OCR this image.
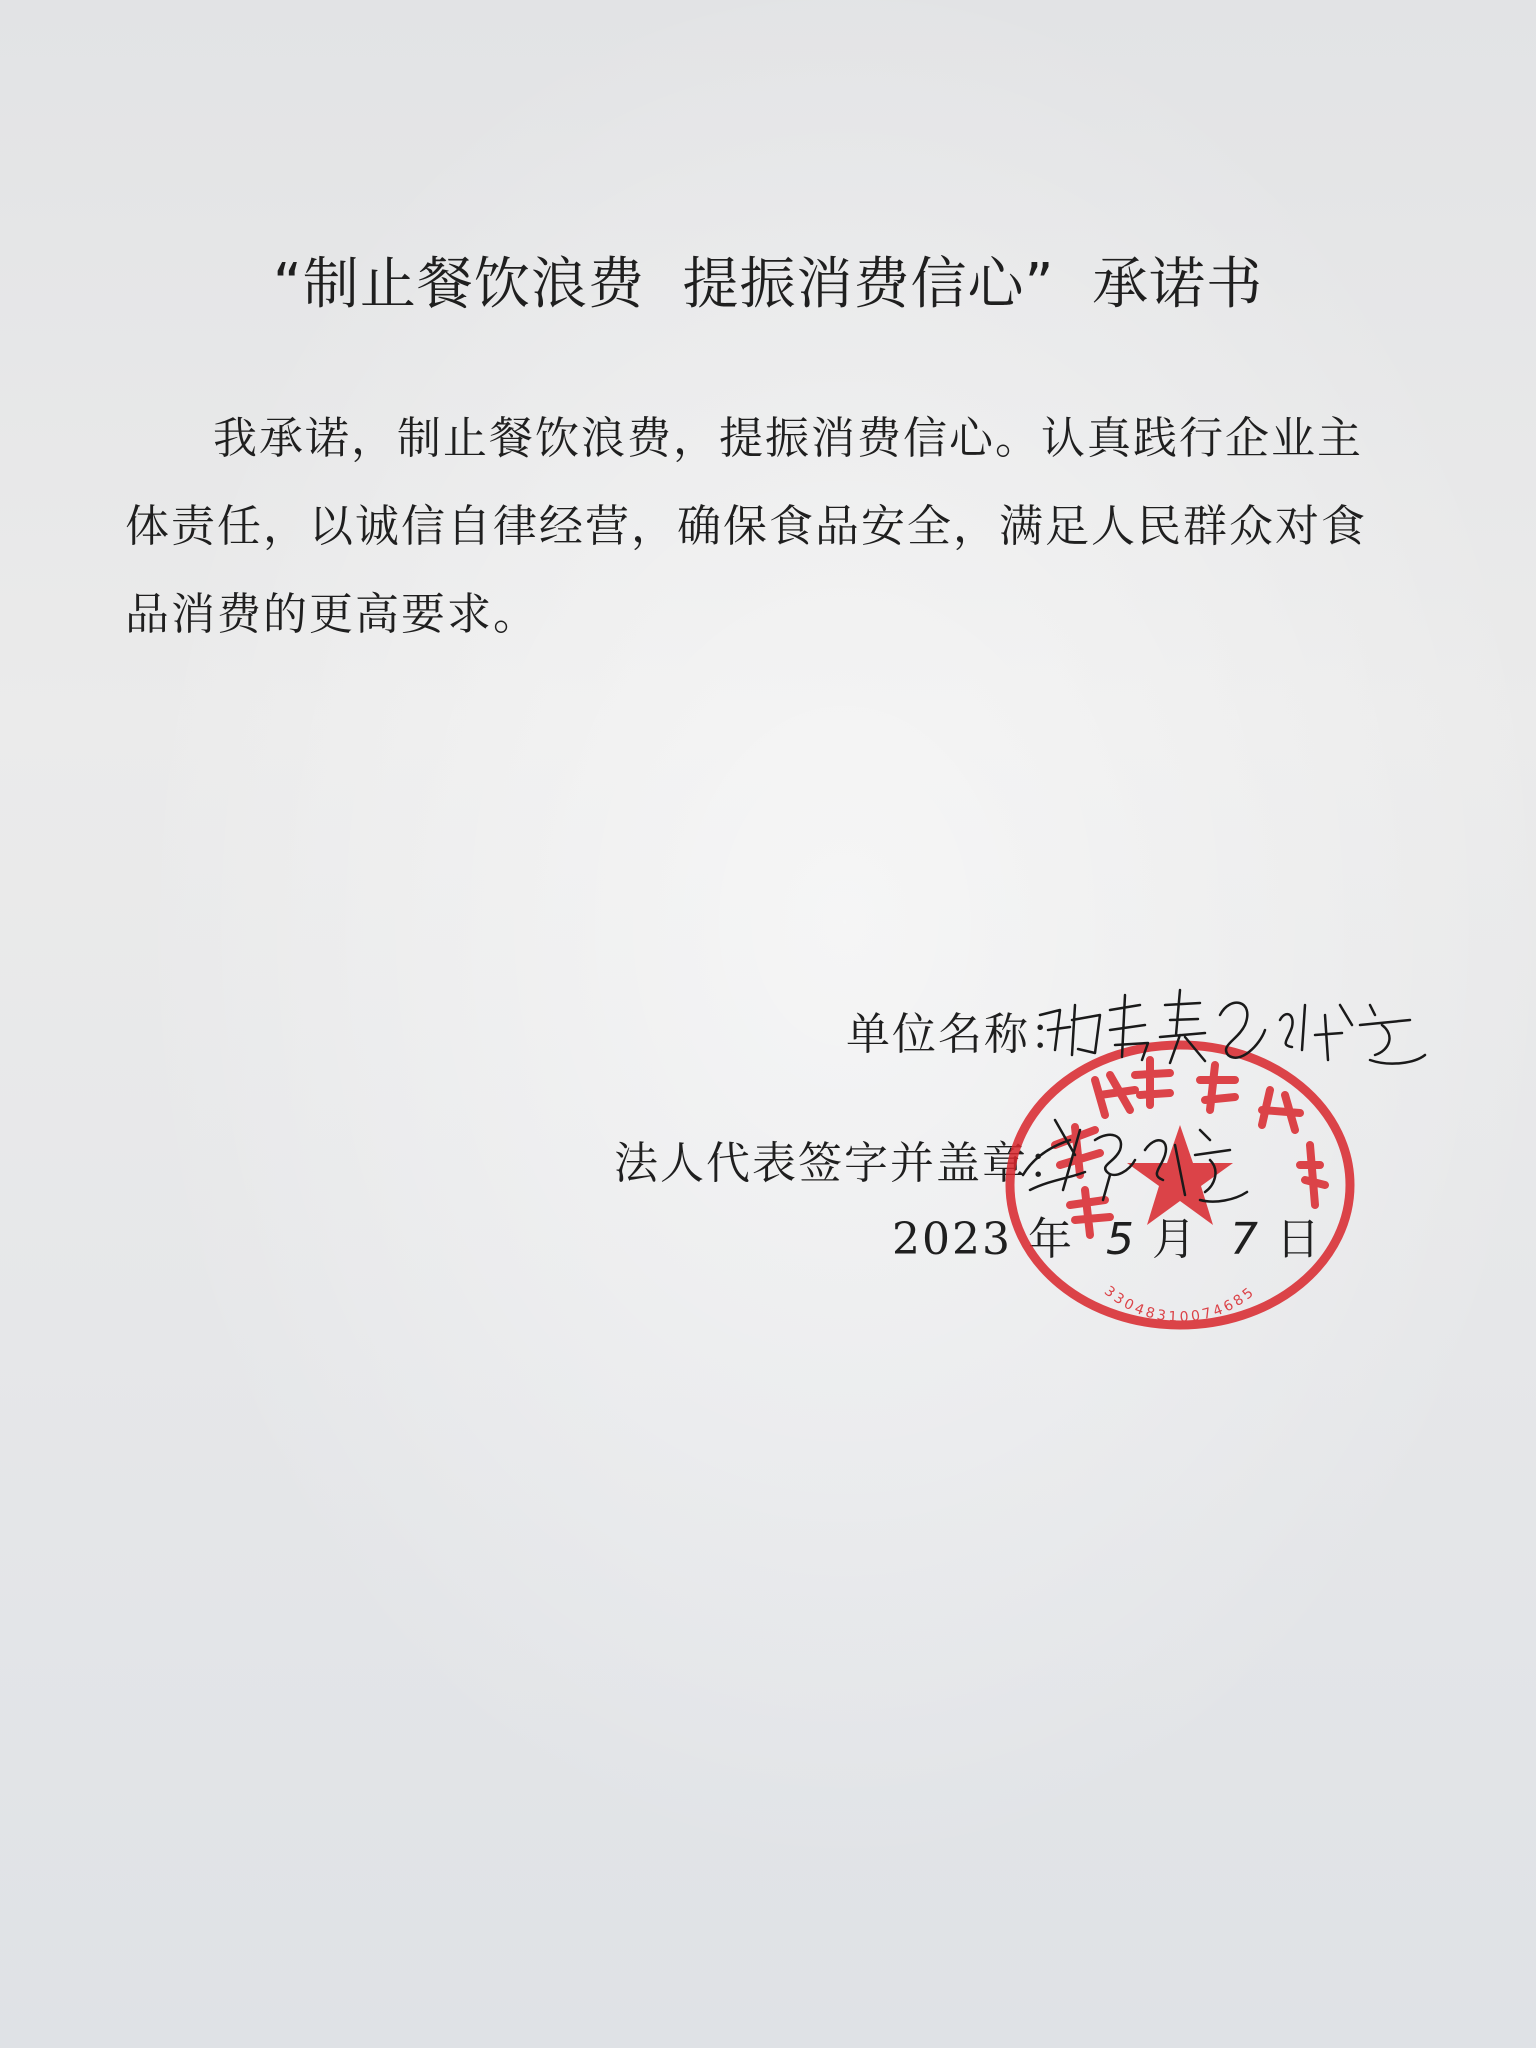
“制止餐饮浪费  提振消费信心”  承诺书
我承诺，制止餐饮浪费，提振消费信心。认真践行企业主体责任，以诚信自律经营，确保食品安全，满足人民群众对食品消费的更高要求。
单位名称：
法人代表签字并盖章：
2023 年 5 月 7 日
3304831007468​5
